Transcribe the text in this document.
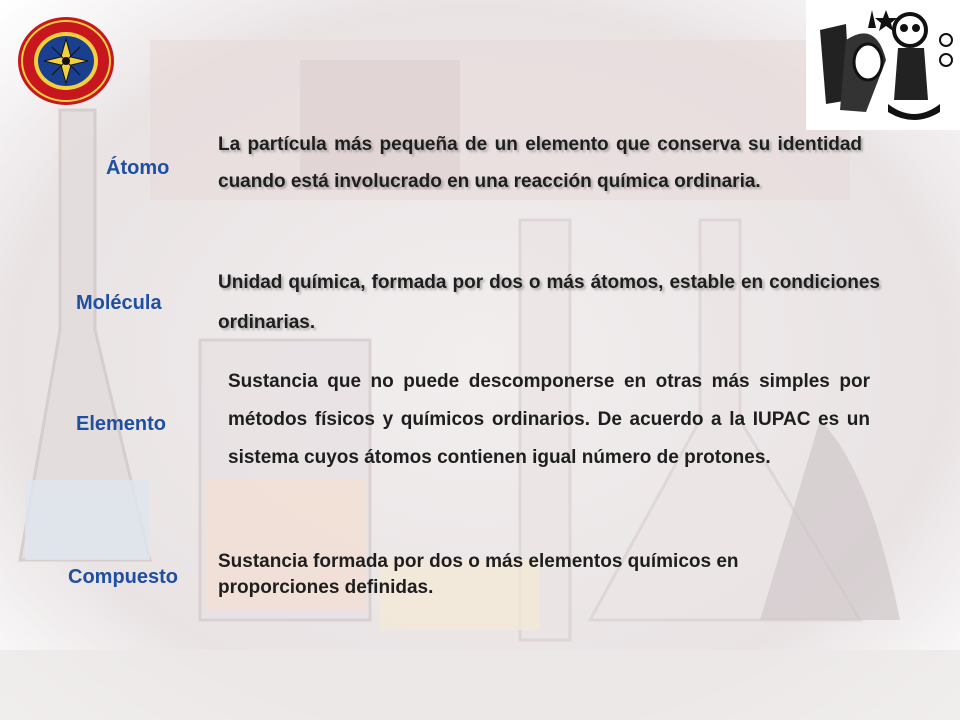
Átomo
Molécula
Elemento
Compuesto
La partícula más pequeña de un elemento que conserva su identidad cuando está involucrado en una reacción química ordinaria.
Unidad química, formada por dos o más átomos, estable en condiciones ordinarias.
Sustancia que no puede descomponerse en otras más simples por métodos físicos y químicos ordinarios. De acuerdo a la IUPAC es un sistema cuyos átomos contienen igual número de protones.
Sustancia formada por dos o más elementos químicos en proporciones definidas.
